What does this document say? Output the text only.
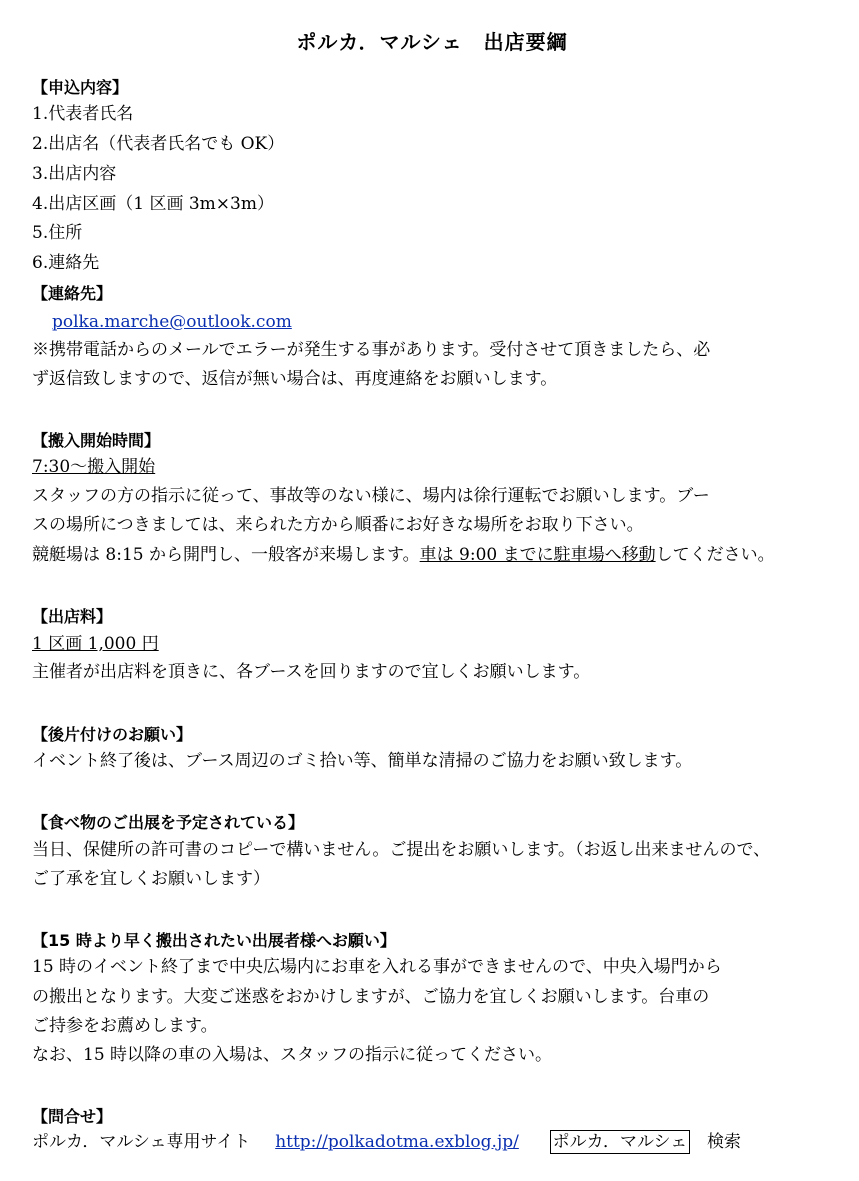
ポルカ．マルシェ　出店要綱
【申込内容】
1.代表者氏名
2.出店名（代表者氏名でも OK）
3.出店内容
4.出店区画（1 区画 3m×3m）
5.住所
6.連絡先
【連絡先】
polka.marche@outlook.com
※携帯電話からのメールでエラーが発生する事があります。受付させて頂きましたら、必
ず返信致しますので、返信が無い場合は、再度連絡をお願いします。
【搬入開始時間】
7:30～搬入開始
スタッフの方の指示に従って、事故等のない様に、場内は徐行運転でお願いします。ブー
スの場所につきましては、来られた方から順番にお好きな場所をお取り下さい。
競艇場は 8:15 から開門し、一般客が来場します。車は 9:00 までに駐車場へ移動してください。
【出店料】
1 区画 1,000 円
主催者が出店料を頂きに、各ブースを回りますので宜しくお願いします。
【後片付けのお願い】
イベント終了後は、ブース周辺のゴミ拾い等、簡単な清掃のご協力をお願い致します。
【食べ物のご出展を予定されている】
当日、保健所の許可書のコピーで構いません。ご提出をお願いします。（お返し出来ませんので、
ご了承を宜しくお願いします）
【15 時より早く搬出されたい出展者様へお願い】
15 時のイベント終了まで中央広場内にお車を入れる事ができませんので、中央入場門から
の搬出となります。大変ご迷惑をおかけしますが、ご協力を宜しくお願いします。台車の
ご持参をお薦めします。
なお、15 時以降の車の入場は、スタッフの指示に従ってください。
【問合せ】
ポルカ．マルシェ専用サイト http://polkadotma.exblog.jp/ ポルカ．マルシェ 検索
